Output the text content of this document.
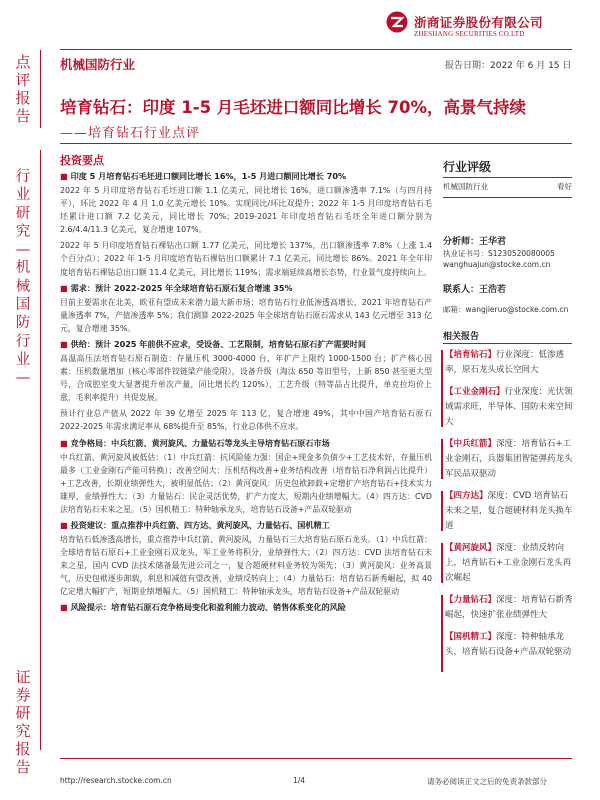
浙商证券股份有限公司
ZHESHANG SECURITIES CO.LTD
机械国防行业	报告日期：2022 年 6 月 15 日
点评报告
行业研究—机械国防行业—
证券研究报告
培育钻石：印度 1-5 月毛坯进口额同比增长 70%，高景气持续
——培育钻石行业点评
投资要点
■ 印度 5 月培育钻石毛坯进口额同比增长 16%，1-5 月进口额同比增长 70%

2022 年 5 月印度培育钻石毛坯进口额 1.1 亿美元，同比增长 16%，进口额渗透率 7.1%（与四月持平），环比 2022 年 4 月 1.0 亿美元增长 10%。实现同比/环比双提升；2022 年 1-5 月印度培育钻石毛坯累计进口额 7.2 亿美元，同比增长 70%；2019-2021 年印度培育钻石毛坯全年进口额分别为 2.6/4.4/11.3 亿美元，复合增速 107%。

2022 年 5 月印度培育钻石裸钻出口额 1.77 亿美元，同比增长 137%，出口额渗透率 7.8%（上涨 1.4 个百分点）；2022 年 1-5 月印度培育钻石裸钻出口额累计 7.1 亿美元，同比增长 86%。2021 年全年印度培育钻石裸钻总出口额 11.4 亿美元，同比增长 119%；需求端延续高增长态势，行业景气度持续向上。

■ 需求：预计 2022-2025 年全球培育钻石原石复合增速 35%

目前主要需求在北美，欧亚有望成未来潜力最大新市场；培育钻石行业低渗透高增长，2021 年培育钻石产量渗透率 7%，产值渗透率 5%；我们测算 2022-2025 年全球培育钻石原石需求从 143 亿元增至 313 亿元，复合增速 35%。

■ 供给：预计 2025 年前供不应求，受设备、工艺限制，培育钻石原石扩产需要时间

高温高压法培育钻石原石制造：存量压机 3000-4000 台，年扩产上限约 1000-1500 台；扩产核心因素：压机数量增加（核心零部件铰链梁产能受限），设备升级（淘汰 650 等旧型号，上新 850 甚至更大型号，合成腔室变大显著提升单次产量，同比增长约 120%），工艺升级（特等品占比提升，单克拉均价上涨，毛利率提升）共促发展。

预计行业总产值从 2022 年 39 亿增至 2025 年 113 亿，复合增速 49%，其中中国产培育钻石原石 2022-2025 年需求满足率从 68%提升至 85%，行业总体供不应求。

■ 竞争格局：中兵红箭、黄河旋风、力量钻石等龙头主导培育钻石原石市场

中兵红箭、黄河旋风被低估：（1）中兵红箭：抗风险能力强：国企+现金多负债少+工艺技术好，存量压机最多（工业金刚石产能可转换）；改善空间大：压机结构改善+业务结构改善（培育钻石净利润占比提升）+工艺改善，长期业绩弹性大，被明显低估；（2）黄河旋风：历史包袱卸载+定增扩产培育钻石+技术实力雄厚，业绩弹性大；（3）力量钻石：民企灵活优势，扩产力度大，短期内业绩增幅大。（4）四方达：CVD 法培育钻石未来之星。（5）国机精工：特种轴承龙头，培育钻石设备+产品双轮驱动

■ 投资建议：重点推荐中兵红箭、四方达、黄河旋风、力量钻石、国机精工

培育钻石低渗透高增长，重点推荐中兵红箭、黄河旋风，力量钻石三大培育钻石原石龙头。（1）中兵红箭：全球培育钻石原石+工业金刚石双龙头，军工业务将积分，业绩弹性大；（2）四方达：CVD 法培育钻石未来之星，国内 CVD 法技术储备最先进公司之一，复合超硬材料业务较为领先；（3）黄河旋风：业务高景气，历史包袱逐步卸载，利息和减值有望改善，业绩反转向上；（4）力量钻石：培育钻石新秀崛起，拟 40 亿定增大幅扩产，短期业绩增幅大。（5）国机精工：特种轴承龙头，培育钻石设备+产品双轮驱动

■ 风险提示：培育钻石原石竞争格局变化和盈利能力波动、销售体系变化的风险
行业评级
机械国防行业	看好
分析师：王华君
执业证书号：S1230520080005
wanghuajun@stocke.com.cn
联系人：王浩若
邮箱：wangjieruo@stocke.com.cn
相关报告
【培育钻石】行业深度：低渗透率，原石龙头成长空间大
【工业金刚石】行业深度：光伏领域需求旺，半导体、国防未来空间大
【中兵红箭】深度：培育钻石+工业金刚石，兵器集团智能弹药龙头军民品双驱动
【四方达】深度：CVD 培育钻石未来之星，复合超硬材料龙头换车道
【黄河旋风】深度：业绩反转向上，培育钻石+工业金刚石龙头再次崛起
【力量钻石】深度：培育钻石新秀崛起，快速扩张业绩弹性大
【国机精工】深度：特种轴承龙头，培育钻石设备+产品双轮驱动
http://research.stocke.com.cn	1/4	请务必阅读正文之后的免责条款部分
